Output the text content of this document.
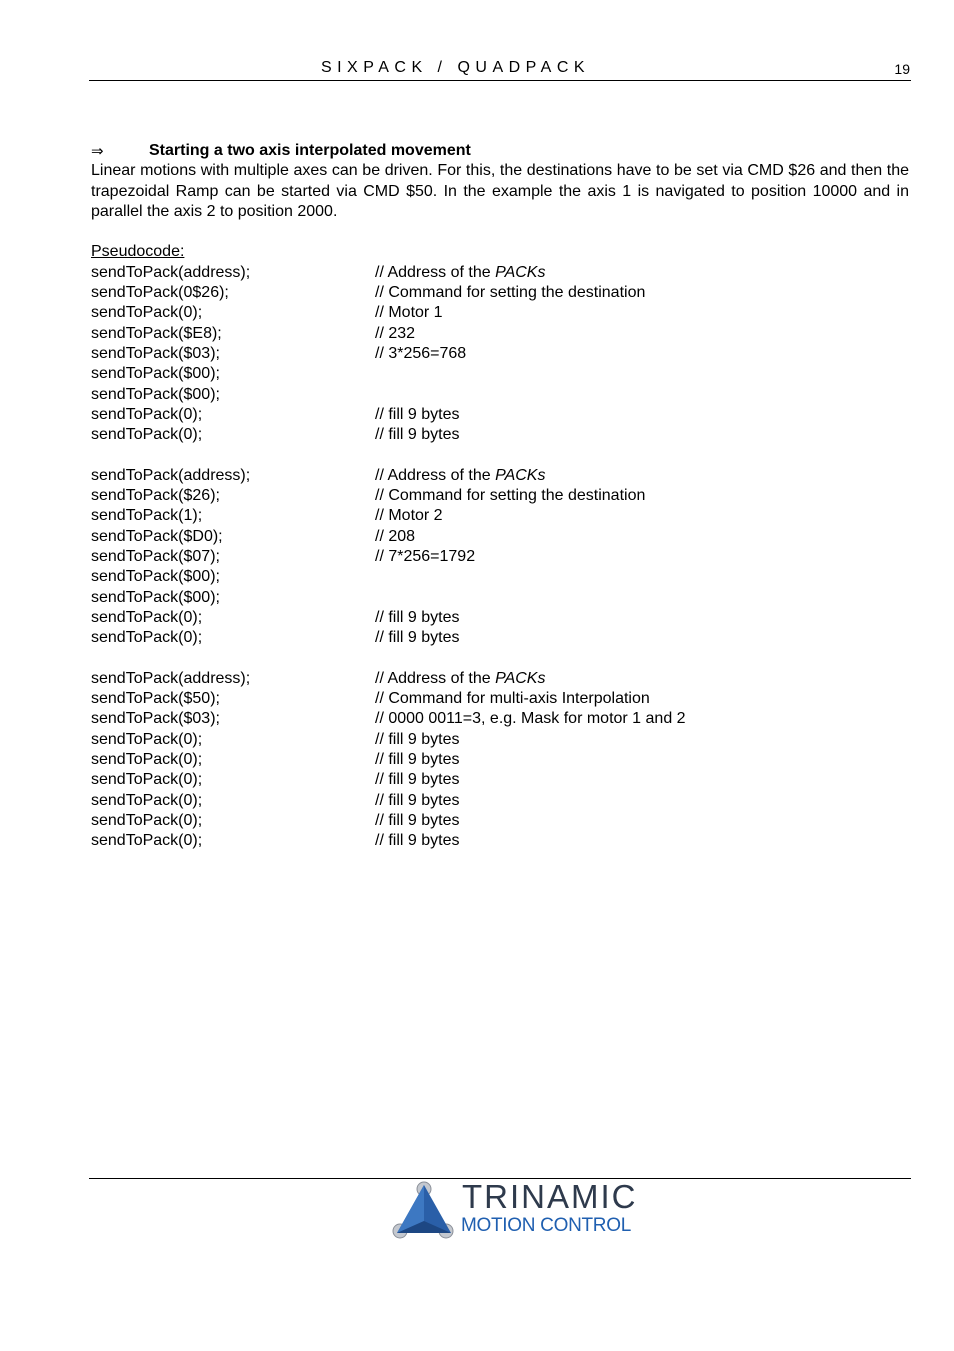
SIXPACK / QUADPACK	19
⇒	Starting a two axis interpolated movement

Linear motions with multiple axes can be driven. For this, the destinations have to be set via CMD $26 and then the trapezoidal Ramp can be started via CMD $50. In the example the axis 1 is navigated to position 10000 and in parallel the axis 2 to position 2000.

Pseudocode:
sendToPack(address);	// Address of the PACKs
sendToPack(0$26);	// Command for setting the destination
sendToPack(0);	// Motor 1
sendToPack($E8);	// 232
sendToPack($03);	// 3*256=768
sendToPack($00);
sendToPack($00);
sendToPack(0);	// fill 9 bytes
sendToPack(0);	// fill 9 bytes
sendToPack(address);	// Address of the PACKs
sendToPack($26);	// Command for setting the destination
sendToPack(1);	// Motor 2
sendToPack($D0);	// 208
sendToPack($07);	// 7*256=1792
sendToPack($00);
sendToPack($00);
sendToPack(0);	// fill 9 bytes
sendToPack(0);	// fill 9 bytes
sendToPack(address);	// Address of the PACKs
sendToPack($50);	// Command for multi-axis Interpolation
sendToPack($03);	// 0000 0011=3, e.g. Mask for motor 1 and 2
sendToPack(0);	// fill 9 bytes
sendToPack(0);	// fill 9 bytes
sendToPack(0);	// fill 9 bytes
sendToPack(0);	// fill 9 bytes
sendToPack(0);	// fill 9 bytes
sendToPack(0);	// fill 9 bytes
TRINAMIC
MOTION CONTROL
